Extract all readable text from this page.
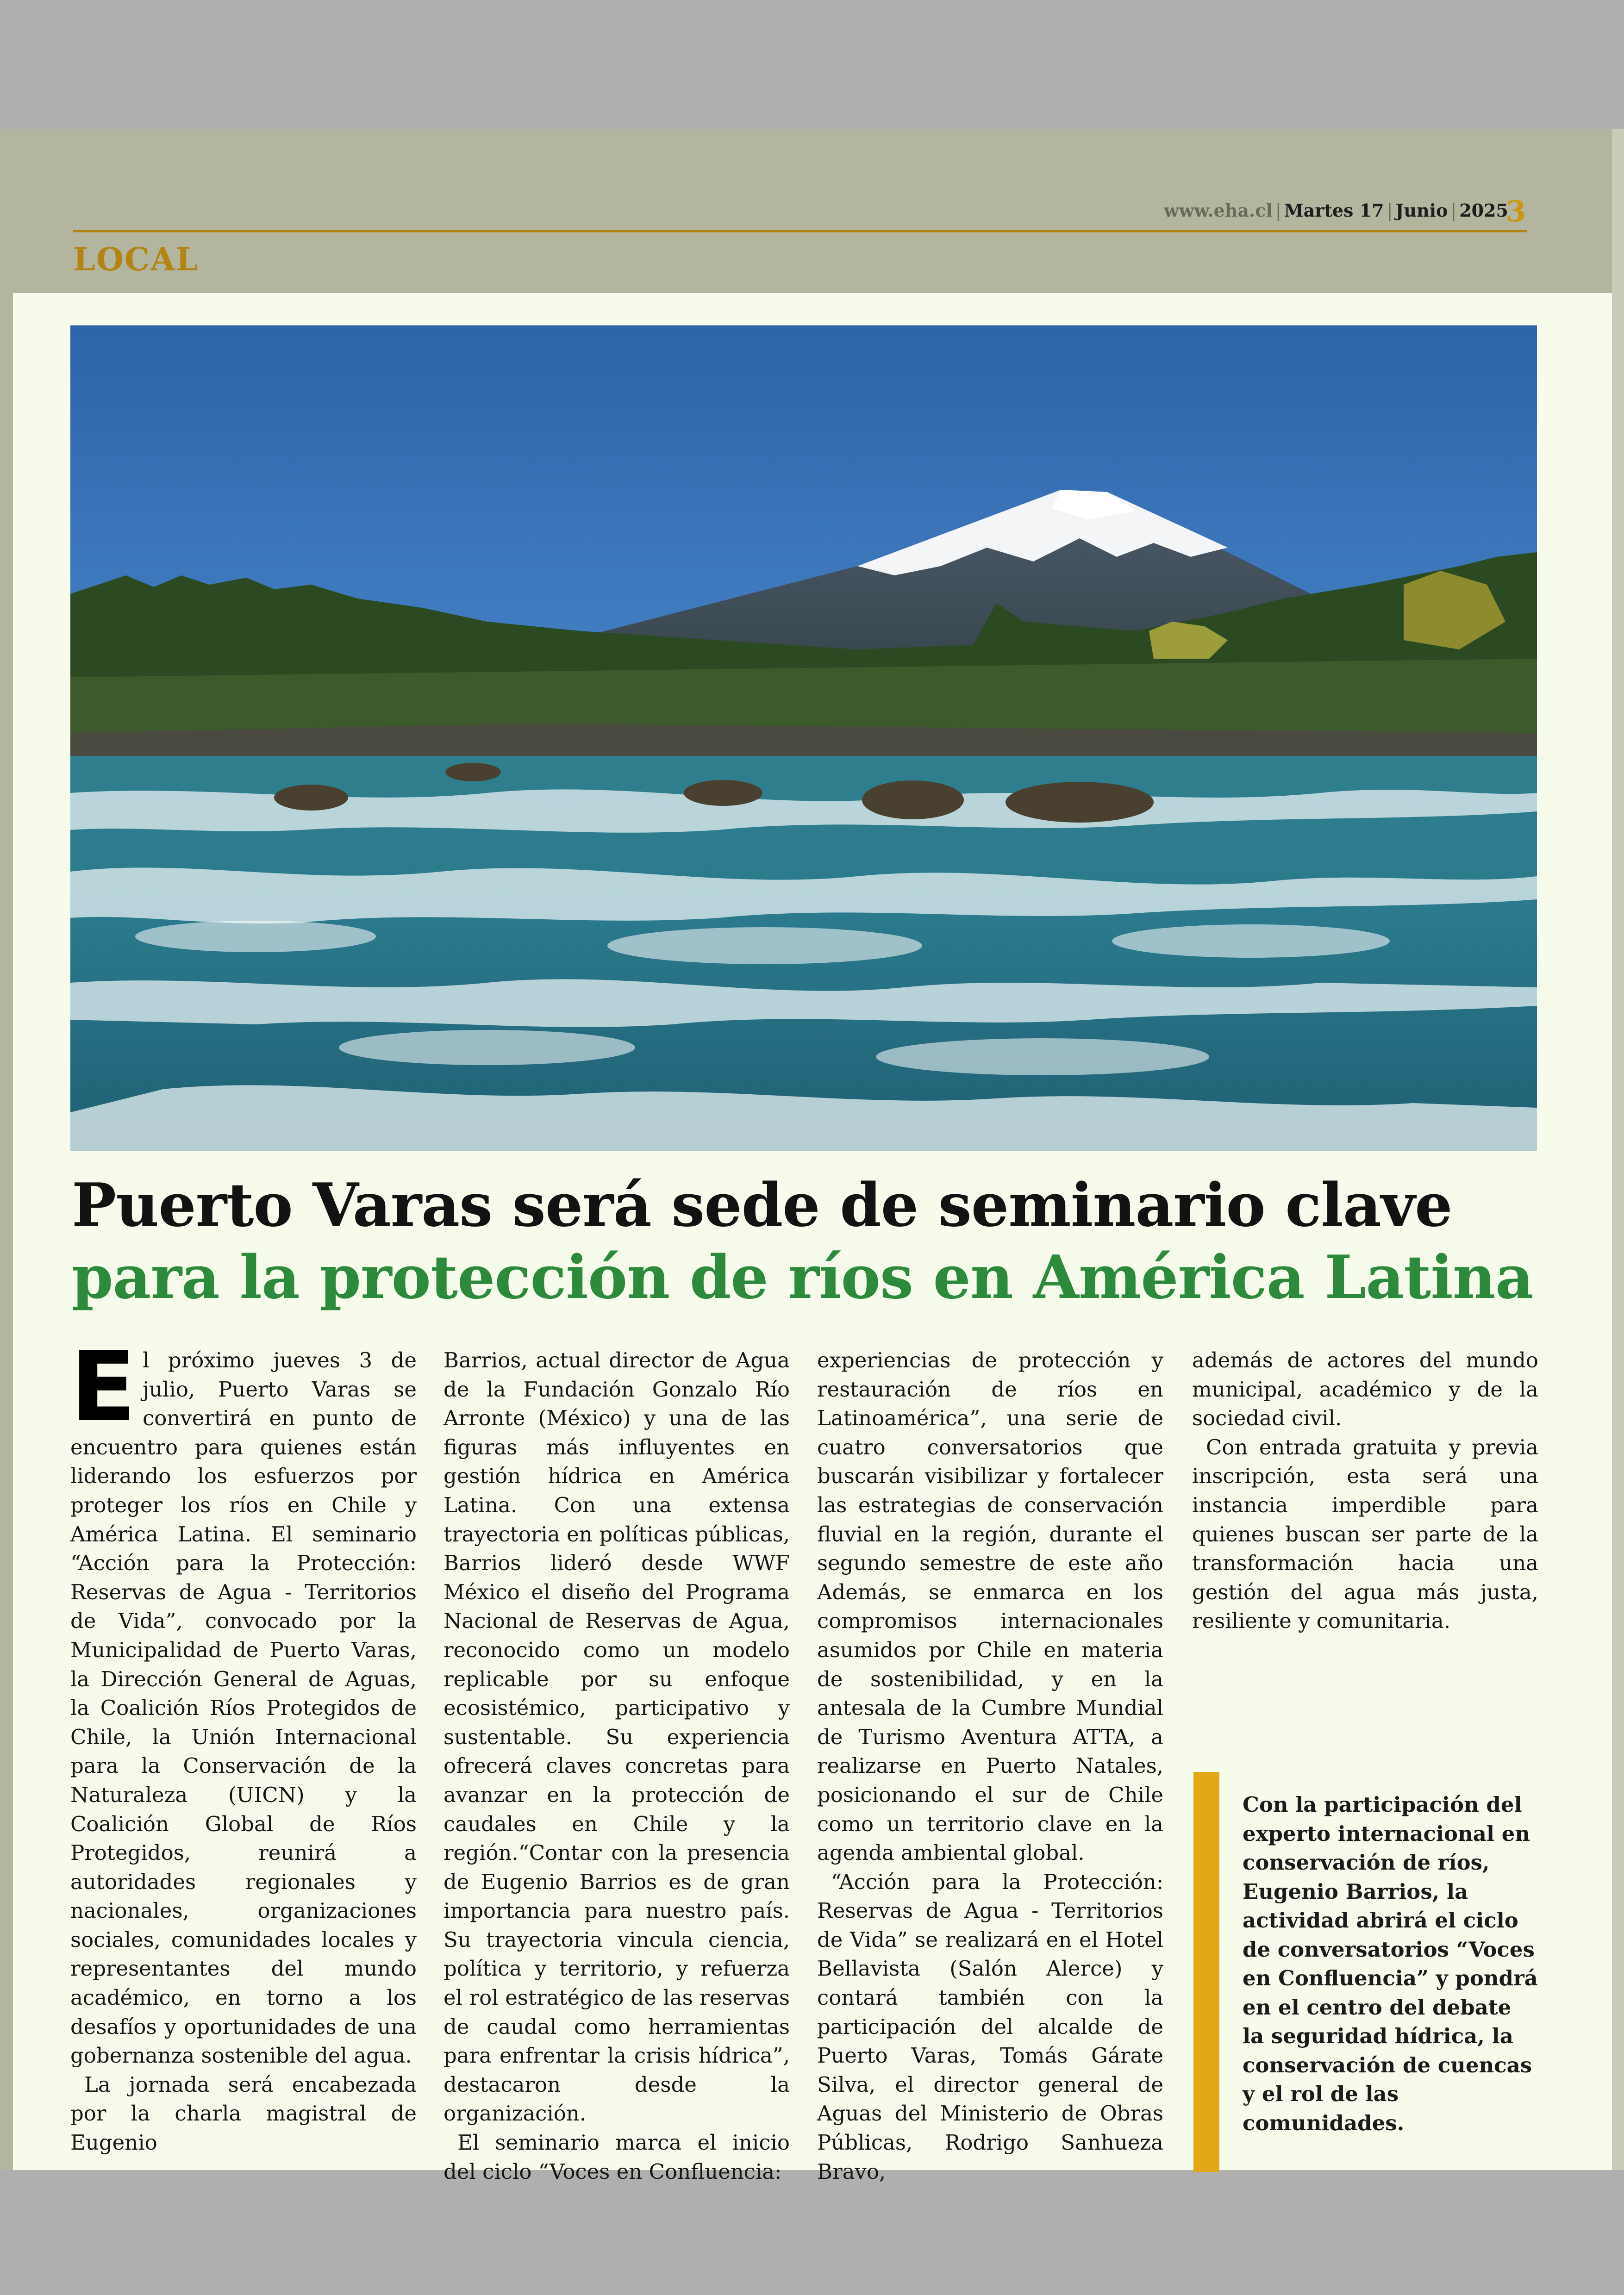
www.eha.cl | Martes 17 | Junio | 2025
3
LOCAL
Puerto Varas será sede de seminario clave
para la protección de ríos en América Latina
E l próximo jueves 3 de julio, Puerto Varas se convertirá en punto de encuentro para quienes están liderando los esfuerzos por proteger los ríos en Chile y América Latina. El seminario “Acción para la Protección: Reservas de Agua - Territorios de Vida”, convocado por la Municipalidad de Puerto Varas, la Dirección General de Aguas, la Coalición Ríos Protegidos de Chile, la Unión Internacional para la Conservación de la Naturaleza (UICN) y la Coalición Global de Ríos Protegidos, reunirá a autoridades regionales y nacionales, organizaciones sociales, comunidades locales y representantes del mundo académico, en torno a los desafíos y oportunidades de una gobernanza sostenible del agua.

La jornada será encabezada por la charla magistral de Eugenio

Barrios, actual director de Agua de la Fundación Gonzalo Río Arronte (México) y una de las figuras más influyentes en gestión hídrica en América Latina. Con una extensa trayectoria en políticas públicas, Barrios lideró desde WWF México el diseño del Programa Nacional de Reservas de Agua, reconocido como un modelo replicable por su enfoque ecosistémico, participativo y sustentable. Su experiencia ofrecerá claves concretas para avanzar en la protección de caudales en Chile y la región.“Contar con la presencia de Eugenio Barrios es de gran importancia para nuestro país. Su trayectoria vincula ciencia, política y territorio, y refuerza el rol estratégico de las reservas de caudal como herramientas para enfrentar la crisis hídrica”, destacaron desde la organización.

El seminario marca el inicio del ciclo “Voces en Confluencia:

experiencias de protección y restauración de ríos en Latinoamérica”, una serie de cuatro conversatorios que buscarán visibilizar y fortalecer las estrategias de conservación fluvial en la región, durante el segundo semestre de este año Además, se enmarca en los compromisos internacionales asumidos por Chile en materia de sostenibilidad, y en la antesala de la Cumbre Mundial de Turismo Aventura ATTA, a realizarse en Puerto Natales, posicionando el sur de Chile como un territorio clave en la agenda ambiental global.

“Acción para la Protección: Reservas de Agua - Territorios de Vida” se realizará en el Hotel Bellavista (Salón Alerce) y contará también con la participación del alcalde de Puerto Varas, Tomás Gárate Silva, el director general de Aguas del Ministerio de Obras Públicas, Rodrigo Sanhueza Bravo,

además de actores del mundo municipal, académico y de la sociedad civil.

Con entrada gratuita y previa inscripción, esta será una instancia imperdible para quienes buscan ser parte de la transformación hacia una gestión del agua más justa, resiliente y comunitaria.

Con la participación del experto internacional en conservación de ríos, Eugenio Barrios, la actividad abrirá el ciclo de conversatorios “Voces en Confluencia” y pondrá en el centro del debate la seguridad hídrica, la conservación de cuencas y el rol de las comunidades.
